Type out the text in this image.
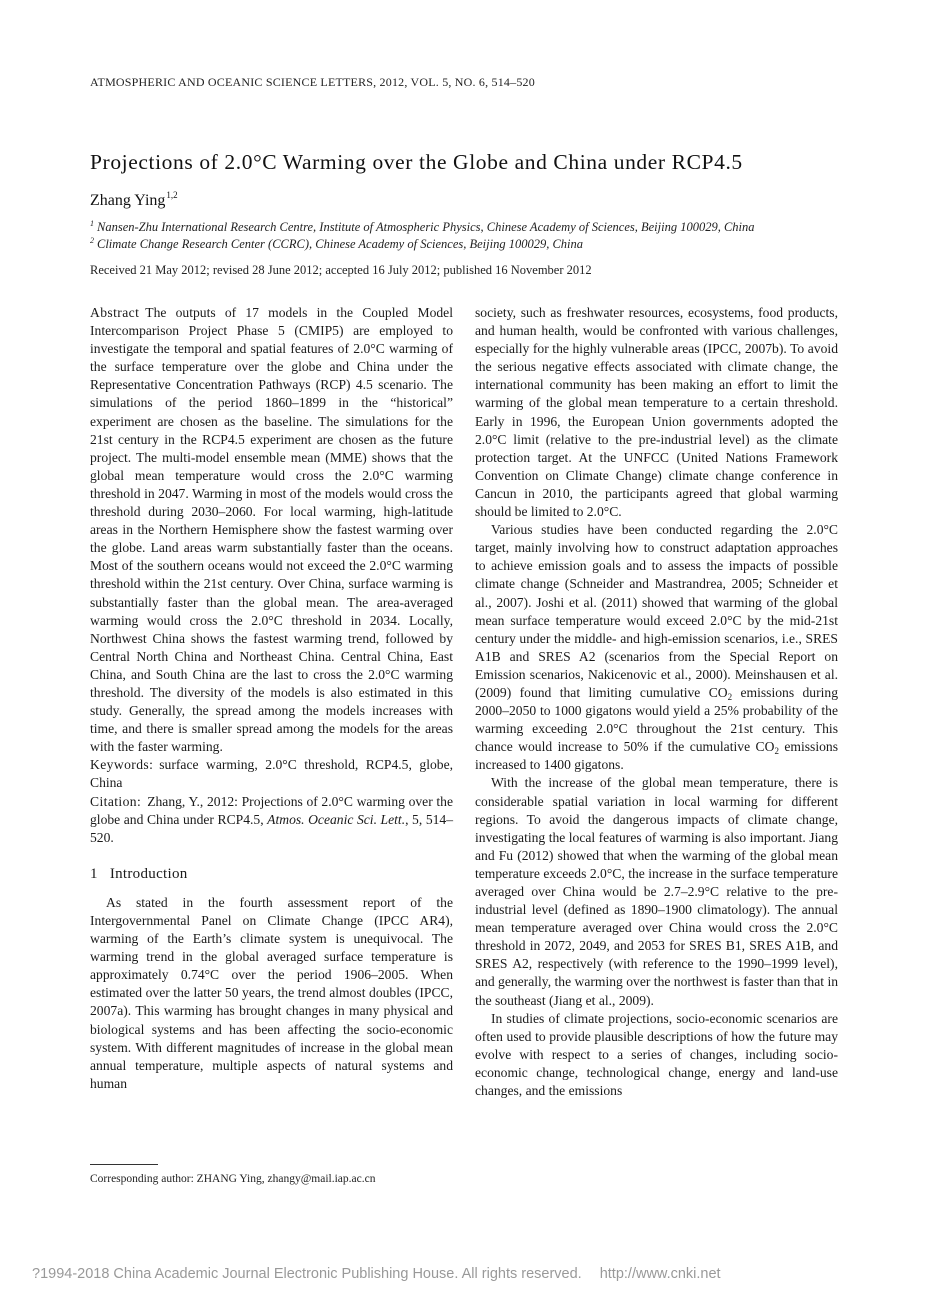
ATMOSPHERIC AND OCEANIC SCIENCE LETTERS, 2012, VOL. 5, NO. 6, 514–520
Projections of 2.0°C Warming over the Globe and China under RCP4.5
Zhang Ying$^{1,2}$
$^1$ Nansen-Zhu International Research Centre, Institute of Atmospheric Physics, Chinese Academy of Sciences, Beijing 100029, China
$^2$ Climate Change Research Center (CCRC), Chinese Academy of Sciences, Beijing 100029, China
Received 21 May 2012; revised 28 June 2012; accepted 16 July 2012; published 16 November 2012

Abstract The outputs of 17 models in the Coupled Model Intercomparison Project Phase 5 (CMIP5) are employed to investigate the temporal and spatial features of 2.0°C warming of the surface temperature over the globe and China under the Representative Concentration Pathways (RCP) 4.5 scenario. The simulations of the period 1860–1899 in the “historical” experiment are chosen as the baseline. The simulations for the 21st century in the RCP4.5 experiment are chosen as the future project. The multi-model ensemble mean (MME) shows that the global mean temperature would cross the 2.0°C warming threshold in 2047. Warming in most of the models would cross the threshold during 2030–2060. For local warming, high-latitude areas in the Northern Hemisphere show the fastest warming over the globe. Land areas warm substantially faster than the oceans. Most of the southern oceans would not exceed the 2.0°C warming threshold within the 21st century. Over China, surface warming is substantially faster than the global mean. The area-averaged warming would cross the 2.0°C threshold in 2034. Locally, Northwest China shows the fastest warming trend, followed by Central North China and Northeast China. Central China, East China, and South China are the last to cross the 2.0°C warming threshold. The diversity of the models is also estimated in this study. Generally, the spread among the models increases with time, and there is smaller spread among the models for the areas with the faster warming.

Keywords: surface warming, 2.0°C threshold, RCP4.5, globe, China

Citation: Zhang, Y., 2012: Projections of 2.0°C warming over the globe and China under RCP4.5, Atmos. Oceanic Sci. Lett., 5, 514–520.

1 Introduction

As stated in the fourth assessment report of the Intergovernmental Panel on Climate Change (IPCC AR4), warming of the Earth’s climate system is unequivocal. The warming trend in the global averaged surface temperature is approximately 0.74°C over the period 1906–2005. When estimated over the latter 50 years, the trend almost doubles (IPCC, 2007a). This warming has brought changes in many physical and biological systems and has been affecting the socio-economic system. With different magnitudes of increase in the global mean annual temperature, multiple aspects of natural systems and human

society, such as freshwater resources, ecosystems, food products, and human health, would be confronted with various challenges, especially for the highly vulnerable areas (IPCC, 2007b). To avoid the serious negative effects associated with climate change, the international community has been making an effort to limit the warming of the global mean temperature to a certain threshold. Early in 1996, the European Union governments adopted the 2.0°C limit (relative to the pre-industrial level) as the climate protection target. At the UNFCC (United Nations Framework Convention on Climate Change) climate change conference in Cancun in 2010, the participants agreed that global warming should be limited to 2.0°C.

Various studies have been conducted regarding the 2.0°C target, mainly involving how to construct adaptation approaches to achieve emission goals and to assess the impacts of possible climate change (Schneider and Mastrandrea, 2005; Schneider et al., 2007). Joshi et al. (2011) showed that warming of the global mean surface temperature would exceed 2.0°C by the mid-21st century under the middle- and high-emission scenarios, i.e., SRES A1B and SRES A2 (scenarios from the Special Report on Emission scenarios, Nakicenovic et al., 2000). Meinshausen et al. (2009) found that limiting cumulative $CO_2$ emissions during 2000–2050 to 1000 gigatons would yield a 25% probability of the warming exceeding 2.0°C throughout the 21st century. This chance would increase to 50% if the cumulative $CO_2$ emissions increased to 1400 gigatons.

With the increase of the global mean temperature, there is considerable spatial variation in local warming for different regions. To avoid the dangerous impacts of climate change, investigating the local features of warming is also important. Jiang and Fu (2012) showed that when the warming of the global mean temperature exceeds 2.0°C, the increase in the surface temperature averaged over China would be 2.7–2.9°C relative to the pre-industrial level (defined as 1890–1900 climatology). The annual mean temperature averaged over China would cross the 2.0°C threshold in 2072, 2049, and 2053 for SRES B1, SRES A1B, and SRES A2, respectively (with reference to the 1990–1999 level), and generally, the warming over the northwest is faster than that in the southeast (Jiang et al., 2009).

In studies of climate projections, socio-economic scenarios are often used to provide plausible descriptions of how the future may evolve with respect to a series of changes, including socio-economic change, technological change, energy and land-use changes, and the emissions

Corresponding author: ZHANG Ying, zhangy@mail.iap.ac.cn
?1994-2018 China Academic Journal Electronic Publishing House. All rights reserved. http://www.cnki.net
